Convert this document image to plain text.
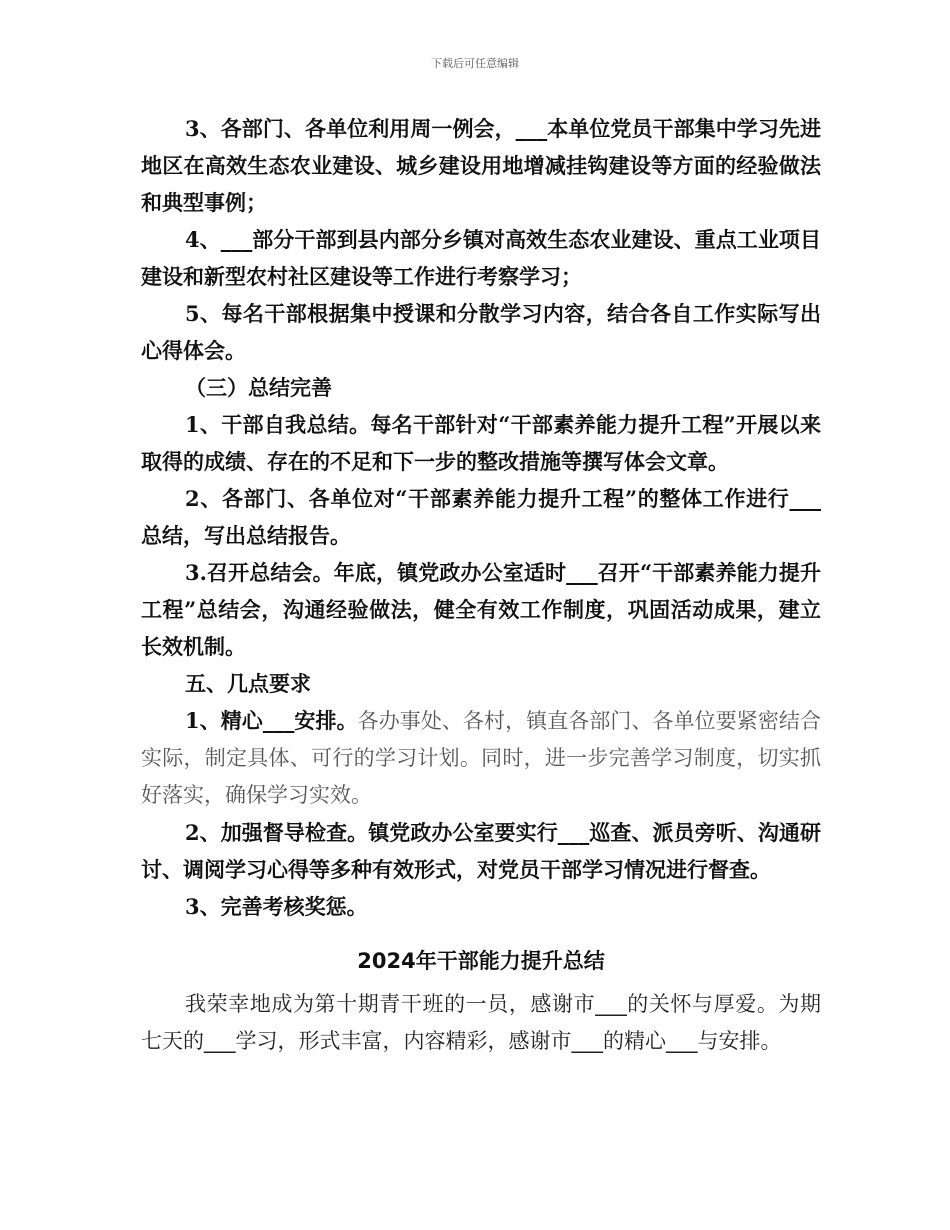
下载后可任意编辑

3、各部门、各单位利用周一例会，___本单位党员干部集中学习先进地区在高效生态农业建设、城乡建设用地增减挂钩建设等方面的经验做法和典型事例；

4、___部分干部到县内部分乡镇对高效生态农业建设、重点工业项目建设和新型农村社区建设等工作进行考察学习；

5、每名干部根据集中授课和分散学习内容，结合各自工作实际写出心得体会。

（三）总结完善

1、干部自我总结。每名干部针对“干部素养能力提升工程”开展以来取得的成绩、存在的不足和下一步的整改措施等撰写体会文章。

2、各部门、各单位对“干部素养能力提升工程”的整体工作进行___总结，写出总结报告。

3.召开总结会。年底，镇党政办公室适时___召开“干部素养能力提升工程”总结会，沟通经验做法，健全有效工作制度，巩固活动成果，建立长效机制。

五、几点要求

1、精心___安排。各办事处、各村，镇直各部门、各单位要紧密结合实际，制定具体、可行的学习计划。同时，进一步完善学习制度，切实抓好落实，确保学习实效。

2、加强督导检查。镇党政办公室要实行___巡查、派员旁听、沟通研讨、调阅学习心得等多种有效形式，对党员干部学习情况进行督查。

3、完善考核奖惩。

2024年干部能力提升总结

我荣幸地成为第十期青干班的一员，感谢市___的关怀与厚爱。为期七天的___学习，形式丰富，内容精彩，感谢市___的精心___与安排。
